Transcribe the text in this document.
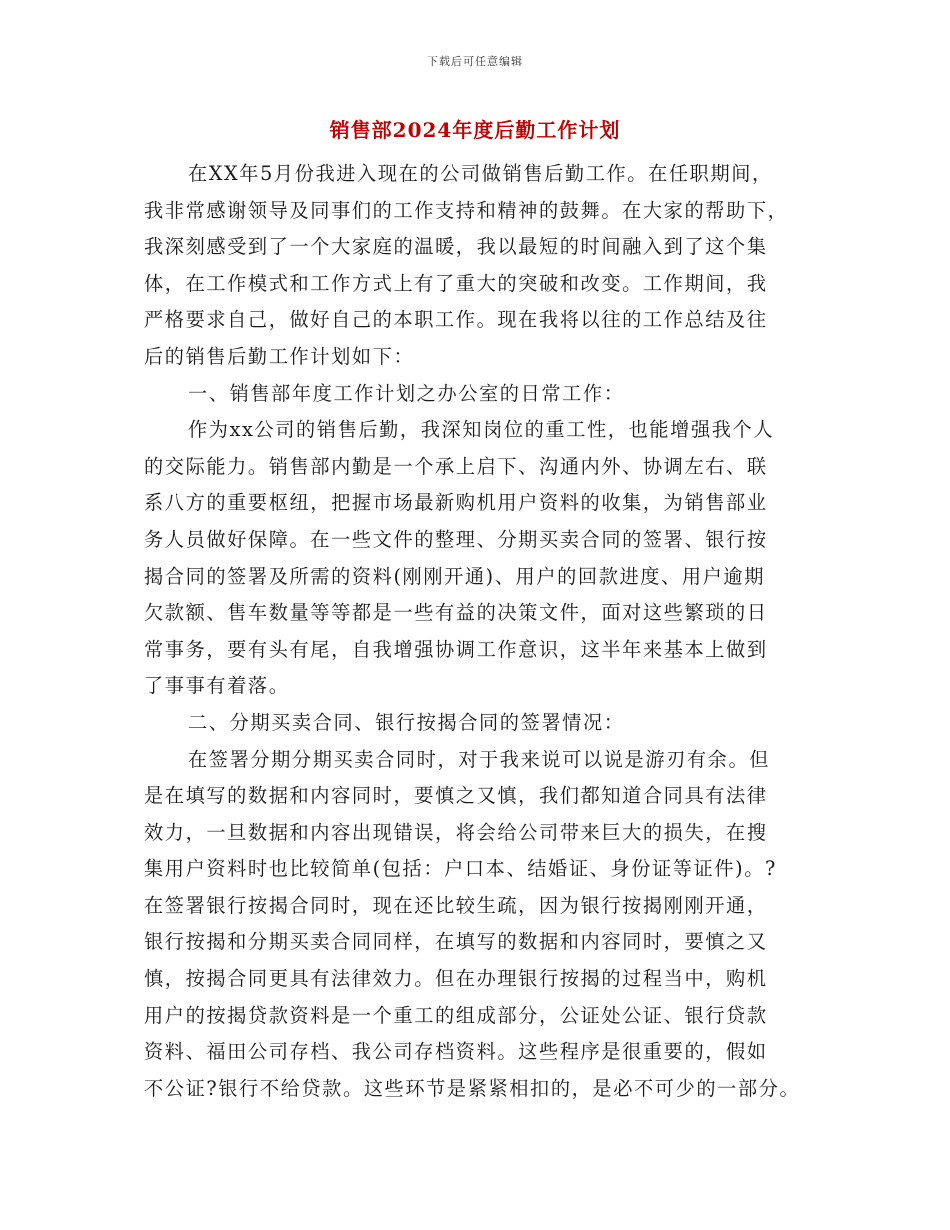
下载后可任意编辑
销售部2024年度后勤工作计划
在XX年5月份我进入现在的公司做销售后勤工作。在任职期间，
我非常感谢领导及同事们的工作支持和精神的鼓舞。在大家的帮助下，
我深刻感受到了一个大家庭的温暖，我以最短的时间融入到了这个集
体，在工作模式和工作方式上有了重大的突破和改变。工作期间，我
严格要求自己，做好自己的本职工作。现在我将以往的工作总结及往
后的销售后勤工作计划如下：
一、销售部年度工作计划之办公室的日常工作：
作为xx公司的销售后勤，我深知岗位的重工性，也能增强我个人
的交际能力。销售部内勤是一个承上启下、沟通内外、协调左右、联
系八方的重要枢纽，把握市场最新购机用户资料的收集，为销售部业
务人员做好保障。在一些文件的整理、分期买卖合同的签署、银行按
揭合同的签署及所需的资料(刚刚开通)、用户的回款进度、用户逾期
欠款额、售车数量等等都是一些有益的决策文件，面对这些繁琐的日
常事务，要有头有尾，自我增强协调工作意识，这半年来基本上做到
了事事有着落。
二、分期买卖合同、银行按揭合同的签署情况：
在签署分期分期买卖合同时，对于我来说可以说是游刃有余。但
是在填写的数据和内容同时，要慎之又慎，我们都知道合同具有法律
效力，一旦数据和内容出现错误，将会给公司带来巨大的损失，在搜
集用户资料时也比较简单(包括：户口本、结婚证、身份证等证件)。?
在签署银行按揭合同时，现在还比较生疏，因为银行按揭刚刚开通，
银行按揭和分期买卖合同同样，在填写的数据和内容同时，要慎之又
慎，按揭合同更具有法律效力。但在办理银行按揭的过程当中，购机
用户的按揭贷款资料是一个重工的组成部分，公证处公证、银行贷款
资料、福田公司存档、我公司存档资料。这些程序是很重要的，假如
不公证?银行不给贷款。这些环节是紧紧相扣的，是必不可少的一部分。
